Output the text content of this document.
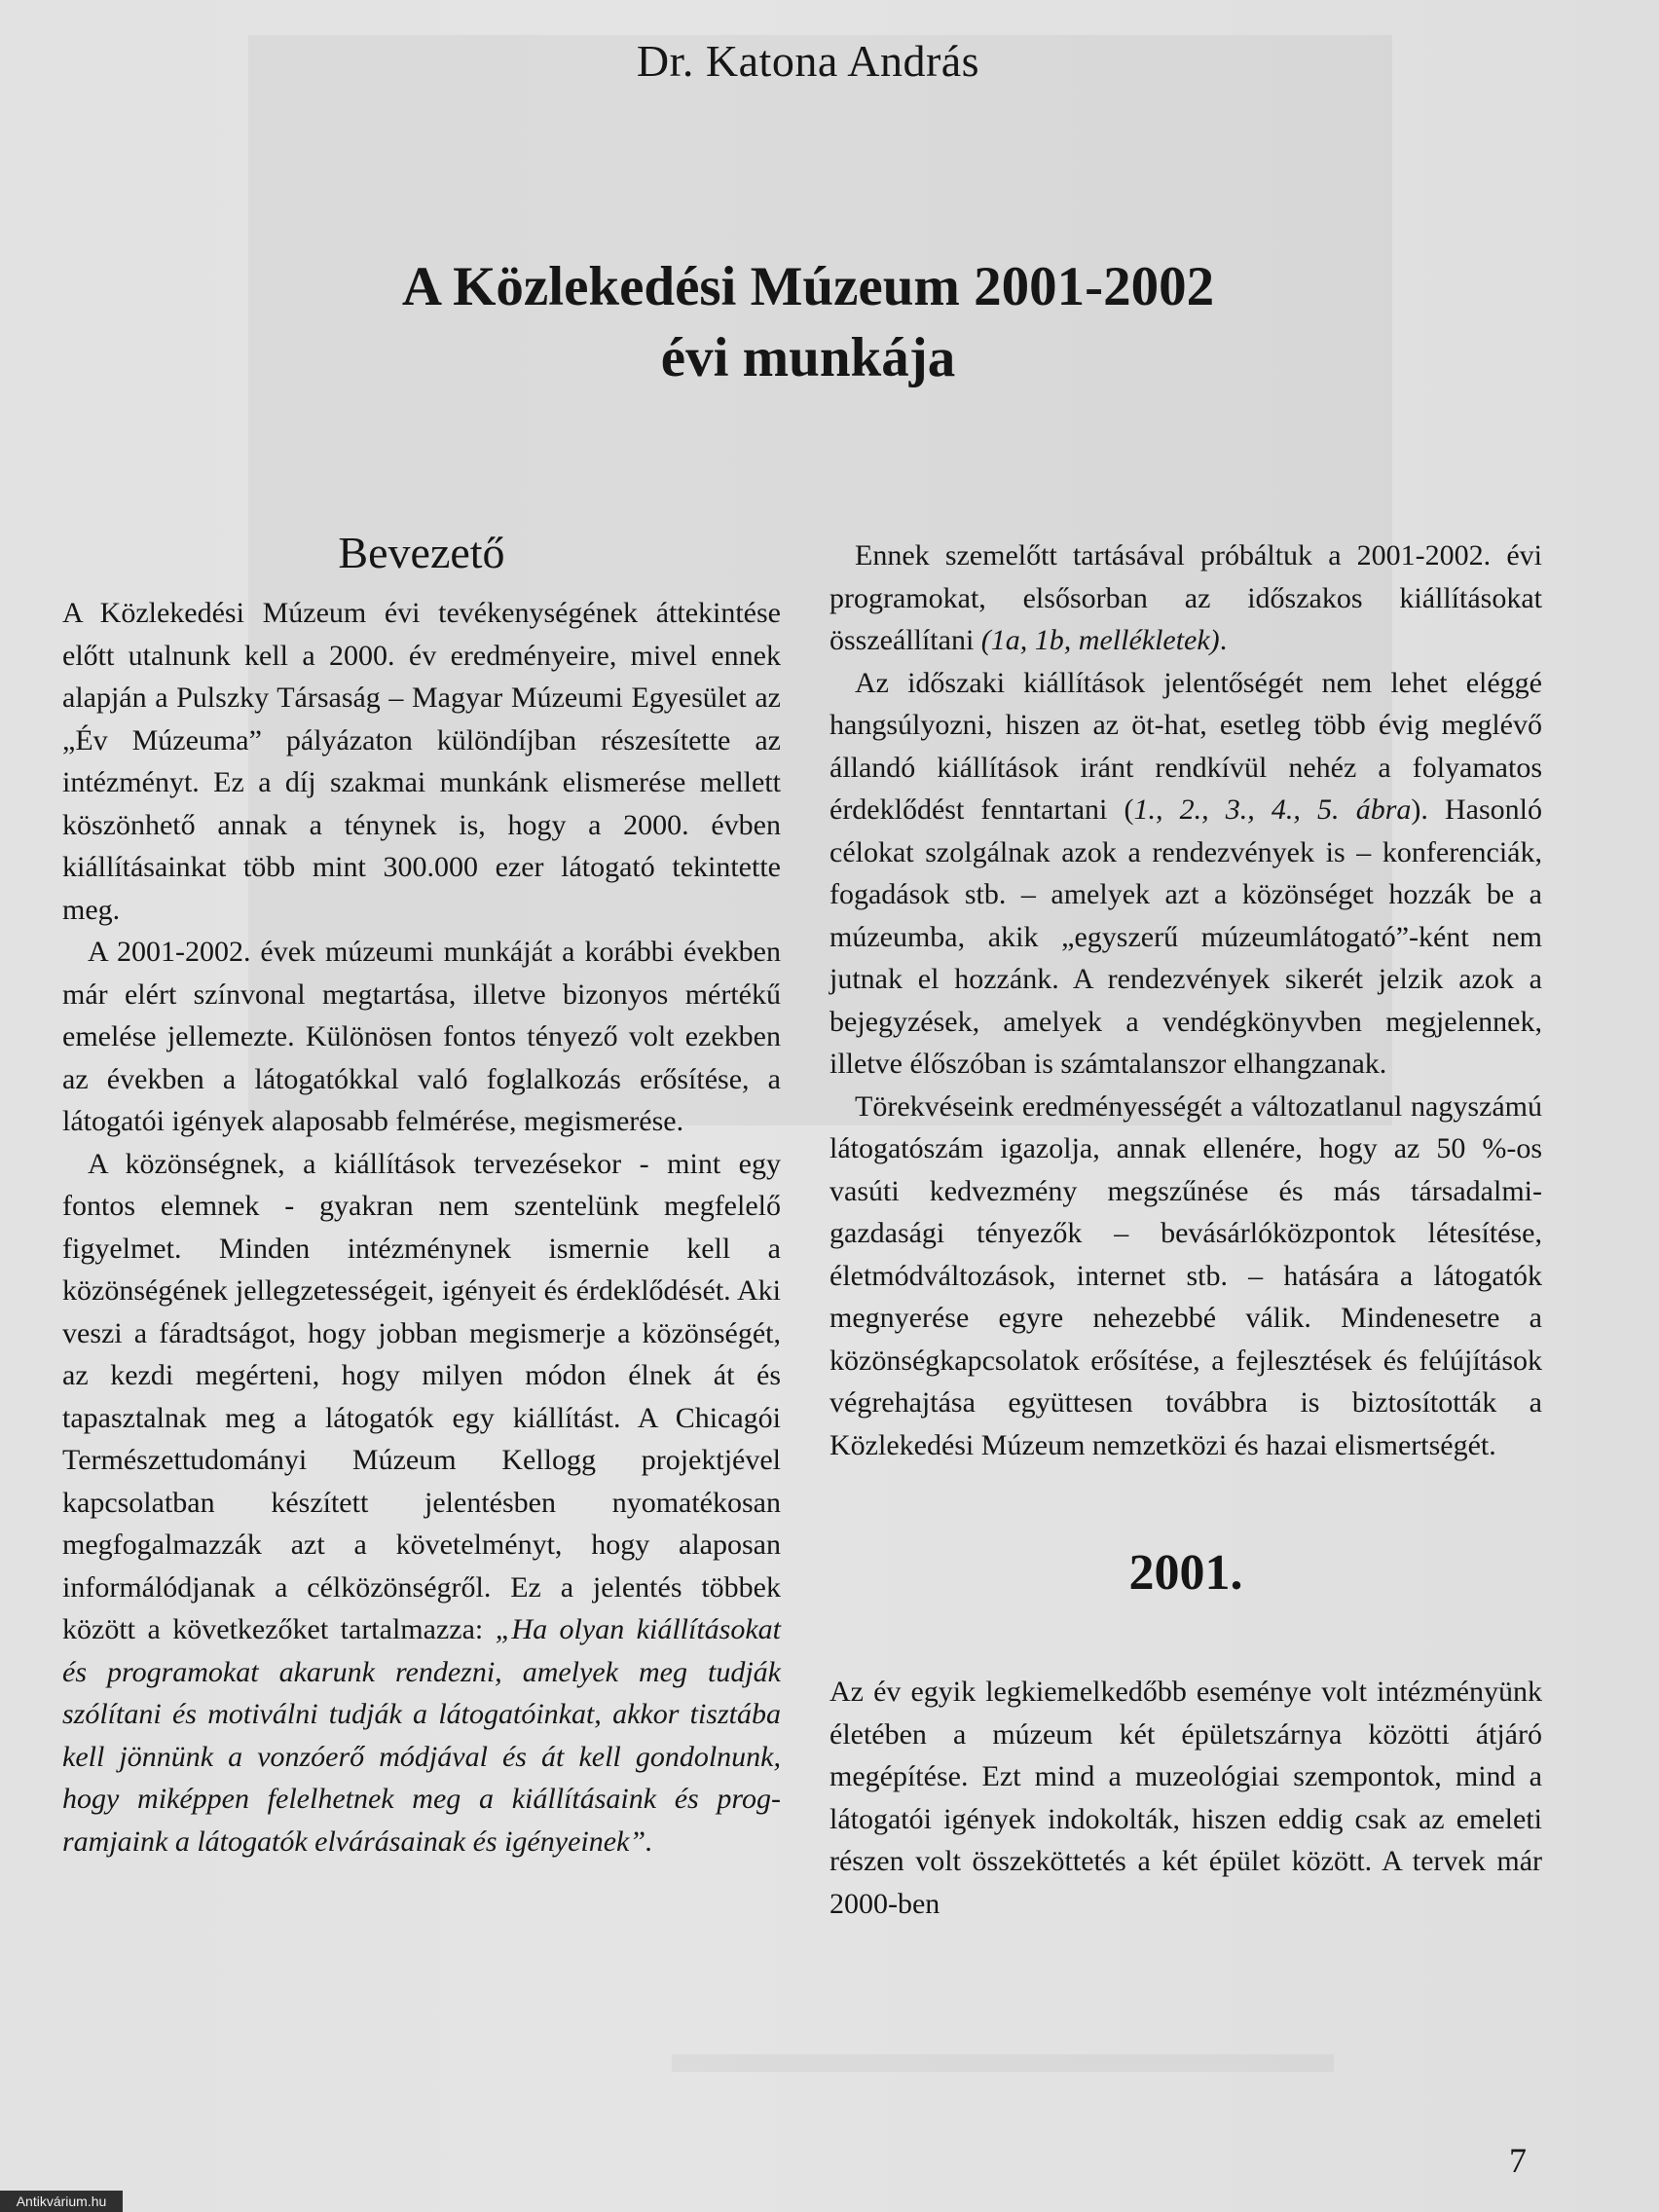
Dr. Katona András
A Közlekedési Múzeum 2001-2002
évi munkája
Bevezető

A Közlekedési Múzeum évi tevékenységének áttekintése előtt utalnunk kell a 2000. év eredményeire, mivel ennek alapján a Pulszky Társaság – Magyar Múzeumi Egyesület az „Év Múzeuma” pályázaton különdíjban részesítette az intézményt. Ez a díj szakmai munkánk elismerése mellett köszönhető annak a ténynek is, hogy a 2000. évben kiállításainkat több mint 300.000 ezer látogató tekintette meg.

A 2001-2002. évek múzeumi munkáját a korábbi években már elért színvonal megtartása, illetve bizonyos mértékű emelése jellemezte. Különösen fontos tényező volt ezekben az években a látogatókkal való foglalkozás erősítése, a látogatói igények alaposabb felmérése, megismerése.

A közönségnek, a kiállítások tervezésekor - mint egy fontos elemnek - gyakran nem szentelünk megfelelő figyelmet. Minden intézménynek ismernie kell a közönségének jellegzetességeit, igényeit és érdeklődését. Aki veszi a fáradtságot, hogy jobban megismerje a közönségét, az kezdi megérteni, hogy milyen módon élnek át és tapasztalnak meg a látogatók egy kiállítást. A Chicagói Természettudományi Múzeum Kellogg projektjével kapcsolatban készített jelentésben nyomatékosan megfogalmazzák azt a követelményt, hogy alaposan informálódjanak a célközönségről. Ez a jelentés többek között a következőket tartalmazza: „Ha olyan kiállításokat és programokat akarunk rendezni, amelyek meg tudják szólítani és motiválni tudják a látogatóinkat, akkor tisztába kell jönnünk a vonzóerő módjával és át kell gondolnunk, hogy miképpen felelhetnek meg a kiállításaink és programjaink a látogatók elvárásainak és igényeinek”.

Ennek szemelőtt tartásával próbáltuk a 2001-2002. évi programokat, elsősorban az időszakos kiállításokat összeállítani (1a, 1b, mellékletek).

Az időszaki kiállítások jelentőségét nem lehet eléggé hangsúlyozni, hiszen az öt-hat, esetleg több évig meglévő állandó kiállítások iránt rendkívül nehéz a folyamatos érdeklődést fenntartani (1., 2., 3., 4., 5. ábra). Hasonló célokat szolgálnak azok a rendezvények is – konferenciák, fogadások stb. – amelyek azt a közönséget hozzák be a múzeumba, akik „egyszerű múzeumlátogató”-ként nem jutnak el hozzánk. A rendezvények sikerét jelzik azok a bejegyzések, amelyek a vendégkönyvben megjelennek, illetve élőszóban is számtalanszor elhangzanak.

Törekvéseink eredményességét a változatlanul nagyszámú látogatószám igazolja, annak ellenére, hogy az 50 %-os vasúti kedvezmény megszűnése és más társadalmi-gazdasági tényezők – bevásárlóközpontok létesítése, életmódváltozások, internet stb. – hatására a látogatók megnyerése egyre nehezebbé válik. Mindenesetre a közönségkapcsolatok erősítése, a fejlesztések és felújítások végrehajtása együttesen továbbra is biztosították a Közlekedési Múzeum nemzetközi és hazai elismertségét.

2001.

Az év egyik legkiemelkedőbb eseménye volt intézményünk életében a múzeum két épületszárnya közötti átjáró megépítése. Ezt mind a muzeológiai szempontok, mind a látogatói igények indokolták, hiszen eddig csak az emeleti részen volt összeköttetés a két épület között. A tervek már 2000-ben

7
Antikvárium.hu
